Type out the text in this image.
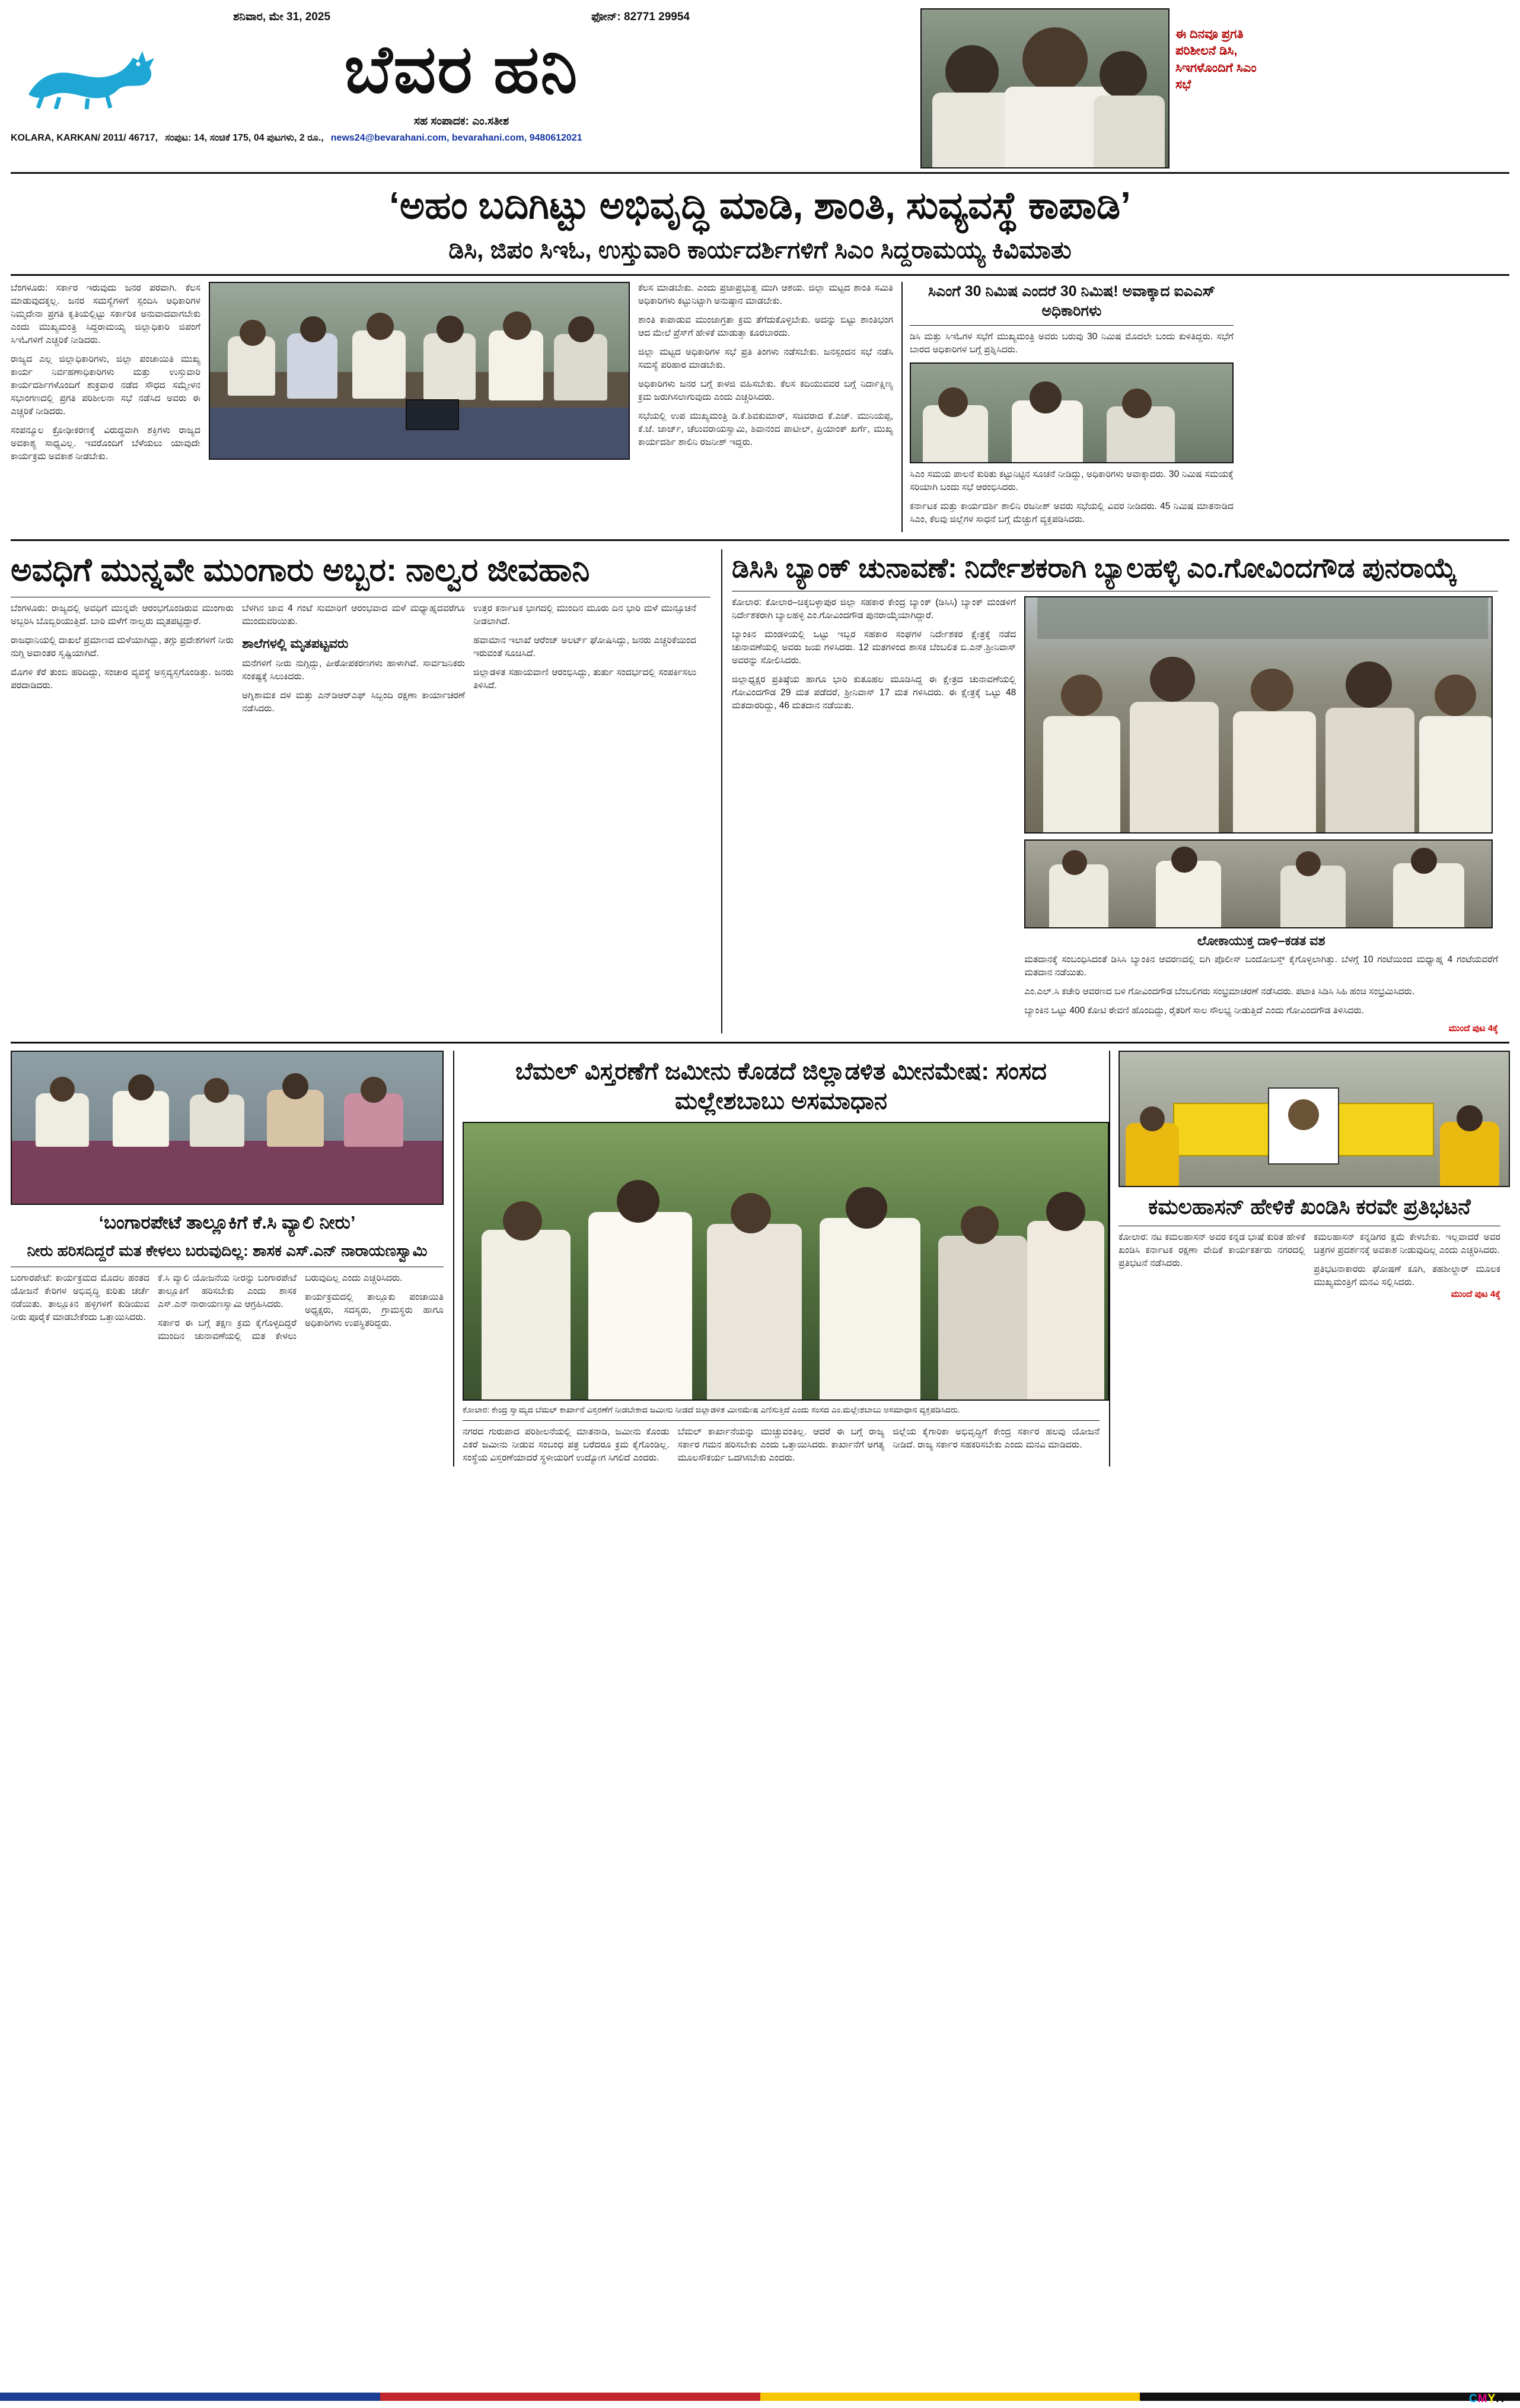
ಶನಿವಾರ, ಮೇ 31, 2025	ಫೋನ್: 82771 29954
ಬೆವರ ಹನಿ
ಸಹ ಸಂಪಾದಕ: ಎಂ.ಸತೀಶ
KOLARA, KARKAN/ 2011/ 46717, ಸಂಪುಟ: 14, ಸಂಚಿಕೆ 175, 04 ಪುಟಗಳು, 2 ರೂ., news24@bevarahani.com, bevarahani.com, 9480612021
ಈ ದಿನವೂ ಪ್ರಗತಿ ಪರಿಶೀಲನೆ ಡಿಸಿ, ಸಿಇಗಳೊಂದಿಗೆ ಸಿಎಂ ಸಭೆ
‘ಅಹಂ ಬದಿಗಿಟ್ಟು ಅಭಿವೃದ್ಧಿ ಮಾಡಿ, ಶಾಂತಿ, ಸುವ್ಯವಸ್ಥೆ ಕಾಪಾಡಿ’
ಡಿಸಿ, ಜಿಪಂ ಸಿಇಓ, ಉಸ್ತುವಾರಿ ಕಾರ್ಯದರ್ಶಿಗಳಿಗೆ ಸಿಎಂ ಸಿದ್ದರಾಮಯ್ಯ ಕಿವಿಮಾತು

ಬೆಂಗಳೂರು: ಸರ್ಕಾರ ಇರುವುದು ಜನರ ಪರವಾಗಿ. ಕೆಲಸ ಮಾಡುವುದಕ್ಕಲ್ಲ. ಜನರ ಸಮಸ್ಯೆಗಳಿಗೆ ಸ್ಪಂದಿಸಿ ಅಧಿಕಾರಿಗಳ ನಿಮ್ಮದೇನಾ ಪ್ರಗತಿ ಕೃತಿಯಲ್ಲಿಟ್ಟು ಸರ್ಕಾರಿಕ ಅನುವಾದವಾಗಬೇಕು ಎಂದು ಮುಖ್ಯಮಂತ್ರಿ ಸಿದ್ದರಾಮಯ್ಯ ಜಿಲ್ಲಾಧಿಕಾರಿ ಜಿಪಂಗೆ ಸಿಇಓಗಳಿಗೆ ಎಚ್ಚರಿಕೆ ನೀಡಿದರು.

ರಾಜ್ಯದ ಎಲ್ಲ ಜಿಲ್ಲಾಧಿಕಾರಿಗಳು, ಜಿಲ್ಲಾ ಪಂಚಾಯಿತಿ ಮುಖ್ಯ ಕಾರ್ಯ ನಿರ್ವಹಣಾಧಿಕಾರಿಗಳು ಮತ್ತು ಉಸ್ತುವಾರಿ ಕಾರ್ಯದರ್ಶಿಗಳೊಂದಿಗೆ ಶುಕ್ರವಾರ ನಡೆದ ಸೌಧದ ಸಮ್ಮೇಳನ ಸಭಾಂಗಣದಲ್ಲಿ ಪ್ರಗತಿ ಪರಿಶೀಲನಾ ಸಭೆ ನಡೆಸಿದ ಅವರು ಈ ಎಚ್ಚರಿಕೆ ನೀಡಿದರು.

ಸಂಪನ್ಮೂಲ ಕ್ರೋಢೀಕರಣಕ್ಕೆ ವಿರುದ್ಧವಾಗಿ ಶಕ್ತಿಗಳು ರಾಜ್ಯದ ಅವಕಾಶ್ಯ ಸಾಧ್ಯವಿಲ್ಲ. ಇವರೊಂದಿಗೆ ಬೆಳೆಯಲು ಯಾವುದೇ ಕಾರ್ಯಕ್ರಮ ಅವಕಾಶ ನೀಡಬೇಕು.

ಕೆಲಸ ಮಾಡಬೇಕು. ಎಂದು ಪ್ರಜಾಪ್ರಭುತ್ವ ಮುಗಿ ಆಶಯ. ಜಿಲ್ಲಾ ಮಟ್ಟದ ಶಾಂತಿ ಸಮಿತಿ ಅಧಿಕಾರಿಗಳು ಕಟ್ಟುನಿಟ್ಟಾಗಿ ಅನುಷ್ಠಾನ ಮಾಡಬೇಕು.

ಶಾಂತಿ ಕಾಪಾಡುವ ಮುಂಜಾಗ್ರತಾ ಕ್ರಮ ತೆಗೆದುಕೊಳ್ಳಬೇಕು. ಅದನ್ನು ಬಿಟ್ಟು ಶಾಂತಿಭಂಗ ಆದ ಮೇಲೆ ಪ್ರೆಸ್‌ಗೆ ಹೇಳಿಕೆ ಮಾಡುತ್ತಾ ಕೂರಬಾರದು.

ಜಿಲ್ಲಾ ಮಟ್ಟದ ಅಧಿಕಾರಿಗಳ ಸಭೆ ಪ್ರತಿ ತಿಂಗಳು ನಡೆಸಬೇಕು. ಜನಸ್ಪಂದನ ಸಭೆ ನಡೆಸಿ ಸಮಸ್ಯೆ ಪರಿಹಾರ ಮಾಡಬೇಕು.

ಅಧಿಕಾರಿಗಳು ಜನರ ಬಗ್ಗೆ ಕಾಳಜಿ ವಹಿಸಬೇಕು. ಕೆಲಸ ಕದಿಯುವವರ ಬಗ್ಗೆ ನಿರ್ದಾಕ್ಷಿಣ್ಯ ಕ್ರಮ ಜರುಗಿಸಲಾಗುವುದು ಎಂದು ಎಚ್ಚರಿಸಿದರು.

ಸಭೆಯಲ್ಲಿ ಉಪ ಮುಖ್ಯಮಂತ್ರಿ ಡಿ.ಕೆ.ಶಿವಕುಮಾರ್, ಸಚಿವರಾದ ಕೆ.ಎಚ್. ಮುನಿಯಪ್ಪ, ಕೆ.ಜೆ. ಜಾರ್ಜ್, ಚೆಲುವರಾಯಸ್ವಾಮಿ, ಶಿವಾನಂದ ಪಾಟೀಲ್, ಪ್ರಿಯಾಂಕ್ ಖರ್ಗೆ, ಮುಖ್ಯ ಕಾರ್ಯದರ್ಶಿ ಶಾಲಿನಿ ರಜನೀಶ್ ಇದ್ದರು.

ಸಿಎಂಗೆ 30 ನಿಮಿಷ ಎಂದರೆ 30 ನಿಮಿಷ! ಅವಾಕ್ಕಾದ ಐಎಎಸ್ ಅಧಿಕಾರಿಗಳು

ಡಿಸಿ ಮತ್ತು ಸಿಇಓಗಳ ಸಭೆಗೆ ಮುಖ್ಯಮಂತ್ರಿ ಅವರು ಬರುವು 30 ನಿಮಿಷ ಮೊದಲೇ ಬಂದು ಕುಳಿತಿದ್ದರು. ಸಭೆಗೆ ಬಾರದ ಅಧಿಕಾರಿಗಳ ಬಗ್ಗೆ ಪ್ರಶ್ನಿಸಿದರು.

ಸಿಎಂ ಸಮಯ ಪಾಲನೆ ಕುರಿತು ಕಟ್ಟುನಿಟ್ಟಿನ ಸೂಚನೆ ನೀಡಿದ್ದು, ಅಧಿಕಾರಿಗಳು ಅವಾಕ್ಕಾದರು. 30 ನಿಮಿಷ ಸಮಯಕ್ಕೆ ಸರಿಯಾಗಿ ಬಂದು ಸಭೆ ಆರಂಭಿಸಿದರು.

ಕರ್ನಾಟಕ ಮತ್ತು ಕಾರ್ಯದರ್ಶಿ ಶಾಲಿನಿ ರಜನೀಶ್ ಅವರು ಸಭೆಯಲ್ಲಿ ವಿವರ ನೀಡಿದರು. 45 ನಿಮಿಷ ಮಾತನಾಡಿದ ಸಿಎಂ, ಕೆಲವು ಜಿಲ್ಲೆಗಳ ಸಾಧನೆ ಬಗ್ಗೆ ಮೆಚ್ಚುಗೆ ವ್ಯಕ್ತಪಡಿಸಿದರು.

ಅವಧಿಗೆ ಮುನ್ನವೇ ಮುಂಗಾರು ಅಬ್ಬರ: ನಾಲ್ವರ ಜೀವಹಾನಿ

ಬೆಂಗಳೂರು: ರಾಜ್ಯದಲ್ಲಿ ಅವಧಿಗೆ ಮುನ್ನವೇ ಆರಂಭಗೊಂಡಿರುವ ಮುಂಗಾರು ಅಬ್ಬರಿಸಿ ಬೊಬ್ಬಿರಿಯುತ್ತಿದೆ. ಬಾರಿ ಮಳೆಗೆ ನಾಲ್ವರು ಮೃತಪಟ್ಟಿದ್ದಾರೆ.

ರಾಜಧಾನಿಯಲ್ಲಿ ದಾಖಲೆ ಪ್ರಮಾಣದ ಮಳೆಯಾಗಿದ್ದು, ತಗ್ಗು ಪ್ರದೇಶಗಳಿಗೆ ನೀರು ನುಗ್ಗಿ ಅವಾಂತರ ಸೃಷ್ಟಿಯಾಗಿದೆ.

ಮೊಗಳಿ ಕೆರೆ ತುಂಬಿ ಹರಿದಿದ್ದು, ಸಂಚಾರ ವ್ಯವಸ್ಥೆ ಅಸ್ತವ್ಯಸ್ತಗೊಂಡಿತ್ತು. ಜನರು ಪರದಾಡಿದರು.

ಬೆಳಗಿನ ಜಾವ 4 ಗಂಟೆ ಸುಮಾರಿಗೆ ಆರಂಭವಾದ ಮಳೆ ಮಧ್ಯಾಹ್ನದವರೆಗೂ ಮುಂದುವರಿಯಿತು.

ಶಾಲೆಗಳಲ್ಲಿ ಮೃತಪಟ್ಟವರು

ಮನೆಗಳಿಗೆ ನೀರು ನುಗ್ಗಿದ್ದು, ಪೀಠೋಪಕರಣಗಳು ಹಾಳಾಗಿವೆ. ಸಾರ್ವಜನಿಕರು ಸಂಕಷ್ಟಕ್ಕೆ ಸಿಲುಕಿದರು.

ಅಗ್ನಿಶಾಮಕ ದಳ ಮತ್ತು ಎನ್‌ಡಿಆರ್‌ಎಫ್ ಸಿಬ್ಬಂದಿ ರಕ್ಷಣಾ ಕಾರ್ಯಾಚರಣೆ ನಡೆಸಿದರು.

ಉತ್ತರ ಕರ್ನಾಟಕ ಭಾಗದಲ್ಲಿ ಮುಂದಿನ ಮೂರು ದಿನ ಭಾರಿ ಮಳೆ ಮುನ್ಸೂಚನೆ ನೀಡಲಾಗಿದೆ.

ಹವಾಮಾನ ಇಲಾಖೆ ಆರೆಂಜ್ ಅಲರ್ಟ್ ಘೋಷಿಸಿದ್ದು, ಜನರು ಎಚ್ಚರಿಕೆಯಿಂದ ಇರುವಂತೆ ಸೂಚಿಸಿದೆ.

ಜಿಲ್ಲಾಡಳಿತ ಸಹಾಯವಾಣಿ ಆರಂಭಿಸಿದ್ದು, ತುರ್ತು ಸಂದರ್ಭದಲ್ಲಿ ಸಂಪರ್ಕಿಸಲು ತಿಳಿಸಿದೆ.

ಡಿಸಿಸಿ ಬ್ಯಾಂಕ್ ಚುನಾವಣೆ: ನಿರ್ದೇಶಕರಾಗಿ ಬ್ಯಾಲಹಳ್ಳಿ ಎಂ.ಗೋವಿಂದಗೌಡ ಪುನರಾಯ್ಕೆ

ಕೋಲಾರ: ಕೋಲಾರ–ಚಿಕ್ಕಬಳ್ಳಾಪುರ ಜಿಲ್ಲಾ ಸಹಕಾರ ಕೇಂದ್ರ ಬ್ಯಾಂಕ್ (ಡಿಸಿಸಿ) ಬ್ಯಾಂಕ್ ಮಂಡಳಿಗೆ ನಿರ್ದೇಶಕರಾಗಿ ಬ್ಯಾಲಹಳ್ಳಿ ಎಂ.ಗೋವಿಂದಗೌಡ ಪುನರಾಯ್ಕೆಯಾಗಿದ್ದಾರೆ.

ಬ್ಯಾಂಕಿನ ಮಂಡಳಿಯಲ್ಲಿ ಒಟ್ಟು ಇಬ್ಬರ ಸಹಕಾರ ಸಂಘಗಳ ನಿರ್ದೇಶಕರ ಕ್ಷೇತ್ರಕ್ಕೆ ನಡೆದ ಚುನಾವಣೆಯಲ್ಲಿ ಅವರು ಜಯ ಗಳಿಸಿದರು. 12 ಮತಗಳಿಂದ ಶಾಸಕ ಬೆಂಬಲಿತ ಬಿ.ಎನ್.ಶ್ರೀನಿವಾಸ್ ಅವರನ್ನು ಸೋಲಿಸಿದರು.

ಜಿಲ್ಲಾಧ್ಯಕ್ಷರ ಪ್ರತಿಷ್ಠೆಯ ಹಾಗೂ ಭಾರಿ ಕುತೂಹಲ ಮೂಡಿಸಿದ್ದ ಈ ಕ್ಷೇತ್ರದ ಚುನಾವಣೆಯಲ್ಲಿ ಗೋವಿಂದಗೌಡ 29 ಮತ ಪಡೆದರೆ, ಶ್ರೀನಿವಾಸ್ 17 ಮತ ಗಳಿಸಿದರು. ಈ ಕ್ಷೇತ್ರಕ್ಕೆ ಒಟ್ಟು 48 ಮತದಾರರಿದ್ದು, 46 ಮತದಾನ ನಡೆಯಿತು.

ಲೋಕಾಯುಕ್ತ ದಾಳಿ–ಕಡತ ವಶ

ಮತದಾನಕ್ಕೆ ಸಂಬಂಧಿಸಿದಂತೆ ಡಿಸಿಸಿ ಬ್ಯಾಂಕಿನ ಆವರಣದಲ್ಲಿ ಬಿಗಿ ಪೊಲೀಸ್ ಬಂದೋಬಸ್ತ್ ಕೈಗೊಳ್ಳಲಾಗಿತ್ತು. ಬೆಳಗ್ಗೆ 10 ಗಂಟೆಯಿಂದ ಮಧ್ಯಾಹ್ನ 4 ಗಂಟೆಯವರೆಗೆ ಮತದಾನ ನಡೆಯಿತು.

ಎಂ.ಎಲ್.ಸಿ ಕಚೇರಿ ಆವರಣದ ಬಳಿ ಗೋವಿಂದಗೌಡ ಬೆಂಬಲಿಗರು ಸಂಭ್ರಮಾಚರಣೆ ನಡೆಸಿದರು. ಪಟಾಕಿ ಸಿಡಿಸಿ ಸಿಹಿ ಹಂಚಿ ಸಂಭ್ರಮಿಸಿದರು.

ಬ್ಯಾಂಕಿನ ಒಟ್ಟು 400 ಕೋಟಿ ಠೇವಣಿ ಹೊಂದಿದ್ದು, ರೈತರಿಗೆ ಸಾಲ ಸೌಲಭ್ಯ ನೀಡುತ್ತಿದೆ ಎಂದು ಗೋವಿಂದಗೌಡ ತಿಳಿಸಿದರು.

ಮುಂದೆ ಪುಟ 4ಕ್ಕೆ
‘ಬಂಗಾರಪೇಟೆ ತಾಲ್ಲೂಕಿಗೆ ಕೆ.ಸಿ ವ್ಯಾಲಿ ನೀರು’
ನೀರು ಹರಿಸದಿದ್ದರೆ ಮತ ಕೇಳಲು ಬರುವುದಿಲ್ಲ: ಶಾಸಕ ಎಸ್.ಎನ್ ನಾರಾಯಣಸ್ವಾಮಿ

ಬಂಗಾರಪೇಟೆ: ಕಾರ್ಯಕ್ರಮದ ಮೊದಲ ಹಂತದ ಯೋಜನೆ ಕೇರಿಗಳ ಅಭಿವೃದ್ಧಿ ಕುರಿತು ಚರ್ಚೆ ನಡೆಯಿತು. ತಾಲ್ಲೂಕಿನ ಹಳ್ಳಿಗಳಿಗೆ ಕುಡಿಯುವ ನೀರು ಪೂರೈಕೆ ಮಾಡಬೇಕೆಂದು ಒತ್ತಾಯಿಸಿದರು.

ಕೆ.ಸಿ ವ್ಯಾಲಿ ಯೋಜನೆಯ ನೀರನ್ನು ಬಂಗಾರಪೇಟೆ ತಾಲ್ಲೂಕಿಗೆ ಹರಿಸಬೇಕು ಎಂದು ಶಾಸಕ ಎಸ್.ಎನ್ ನಾರಾಯಣಸ್ವಾಮಿ ಆಗ್ರಹಿಸಿದರು.

ಸರ್ಕಾರ ಈ ಬಗ್ಗೆ ತಕ್ಷಣ ಕ್ರಮ ಕೈಗೊಳ್ಳದಿದ್ದರೆ ಮುಂದಿನ ಚುನಾವಣೆಯಲ್ಲಿ ಮತ ಕೇಳಲು ಬರುವುದಿಲ್ಲ ಎಂದು ಎಚ್ಚರಿಸಿದರು.

ಕಾರ್ಯಕ್ರಮದಲ್ಲಿ ತಾಲ್ಲೂಕು ಪಂಚಾಯಿತಿ ಅಧ್ಯಕ್ಷರು, ಸದಸ್ಯರು, ಗ್ರಾಮಸ್ಥರು ಹಾಗೂ ಅಧಿಕಾರಿಗಳು ಉಪಸ್ಥಿತರಿದ್ದರು.

ಬೆಮಲ್ ವಿಸ್ತರಣೆಗೆ ಜಮೀನು ಕೊಡದೆ ಜಿಲ್ಲಾಡಳಿತ ಮೀನಮೇಷ: ಸಂಸದ ಮಲ್ಲೇಶಬಾಬು ಅಸಮಾಧಾನ
ಕೋಲಾರ: ಕೇಂದ್ರ ಸ್ವಾಮ್ಯದ ಬೆಮಲ್ ಕಾರ್ಖಾನೆ ವಿಸ್ತರಣೆಗೆ ನೀಡಬೇಕಾದ ಜಮೀನು ನೀಡದೆ ಜಿಲ್ಲಾಡಳಿತ ಮೀನಮೇಷ ಎಣಿಸುತ್ತಿದೆ ಎಂದು ಸಂಸದ ಎಂ.ಮಲ್ಲೇಶಬಾಬು ಅಸಮಾಧಾನ ವ್ಯಕ್ತಪಡಿಸಿದರು.

ನಗರದ ಗುರುಪಾದ ಪರಿಶೀಲನೆಯಲ್ಲಿ ಮಾತನಾಡಿ, ಜಮೀನು ಕೊಂಡು ಎಕರೆ ಜಮೀನು ನೀಡುವ ಸಂಬಂಧ ಪತ್ರ ಬರೆದರೂ ಕ್ರಮ ಕೈಗೊಂಡಿಲ್ಲ. ಸಂಸ್ಥೆಯ ವಿಸ್ತರಣೆಯಾದರೆ ಸ್ಥಳೀಯರಿಗೆ ಉದ್ಯೋಗ ಸಿಗಲಿದೆ ಎಂದರು.

ಬೆಮಲ್ ಕಾರ್ಖಾನೆಯನ್ನು ಮುಚ್ಚುವಂತಿಲ್ಲ. ಆದರೆ ಈ ಬಗ್ಗೆ ರಾಜ್ಯ ಸರ್ಕಾರ ಗಮನ ಹರಿಸಬೇಕು ಎಂದು ಒತ್ತಾಯಿಸಿದರು. ಕಾರ್ಖಾನೆಗೆ ಅಗತ್ಯ ಮೂಲಸೌಕರ್ಯ ಒದಗಿಸಬೇಕು ಎಂದರು.

ಜಿಲ್ಲೆಯ ಕೈಗಾರಿಕಾ ಅಭಿವೃದ್ಧಿಗೆ ಕೇಂದ್ರ ಸರ್ಕಾರ ಹಲವು ಯೋಜನೆ ನೀಡಿದೆ. ರಾಜ್ಯ ಸರ್ಕಾರ ಸಹಕರಿಸಬೇಕು ಎಂದು ಮನವಿ ಮಾಡಿದರು.

ಕಮಲಹಾಸನ್ ಹೇಳಿಕೆ ಖಂಡಿಸಿ ಕರವೇ ಪ್ರತಿಭಟನೆ

ಕೋಲಾರ: ನಟ ಕಮಲಹಾಸನ್ ಅವರ ಕನ್ನಡ ಭಾಷೆ ಕುರಿತ ಹೇಳಿಕೆ ಖಂಡಿಸಿ ಕರ್ನಾಟಕ ರಕ್ಷಣಾ ವೇದಿಕೆ ಕಾರ್ಯಕರ್ತರು ನಗರದಲ್ಲಿ ಪ್ರತಿಭಟನೆ ನಡೆಸಿದರು.

ಕಮಲಹಾಸನ್ ಕನ್ನಡಿಗರ ಕ್ಷಮೆ ಕೇಳಬೇಕು. ಇಲ್ಲವಾದರೆ ಅವರ ಚಿತ್ರಗಳ ಪ್ರದರ್ಶನಕ್ಕೆ ಅವಕಾಶ ನೀಡುವುದಿಲ್ಲ ಎಂದು ಎಚ್ಚರಿಸಿದರು.

ಪ್ರತಿಭಟನಾಕಾರರು ಘೋಷಣೆ ಕೂಗಿ, ತಹಶೀಲ್ದಾರ್ ಮೂಲಕ ಮುಖ್ಯಮಂತ್ರಿಗೆ ಮನವಿ ಸಲ್ಲಿಸಿದರು.

ಮುಂದೆ ಪುಟ 4ಕ್ಕೆ
CMYK
